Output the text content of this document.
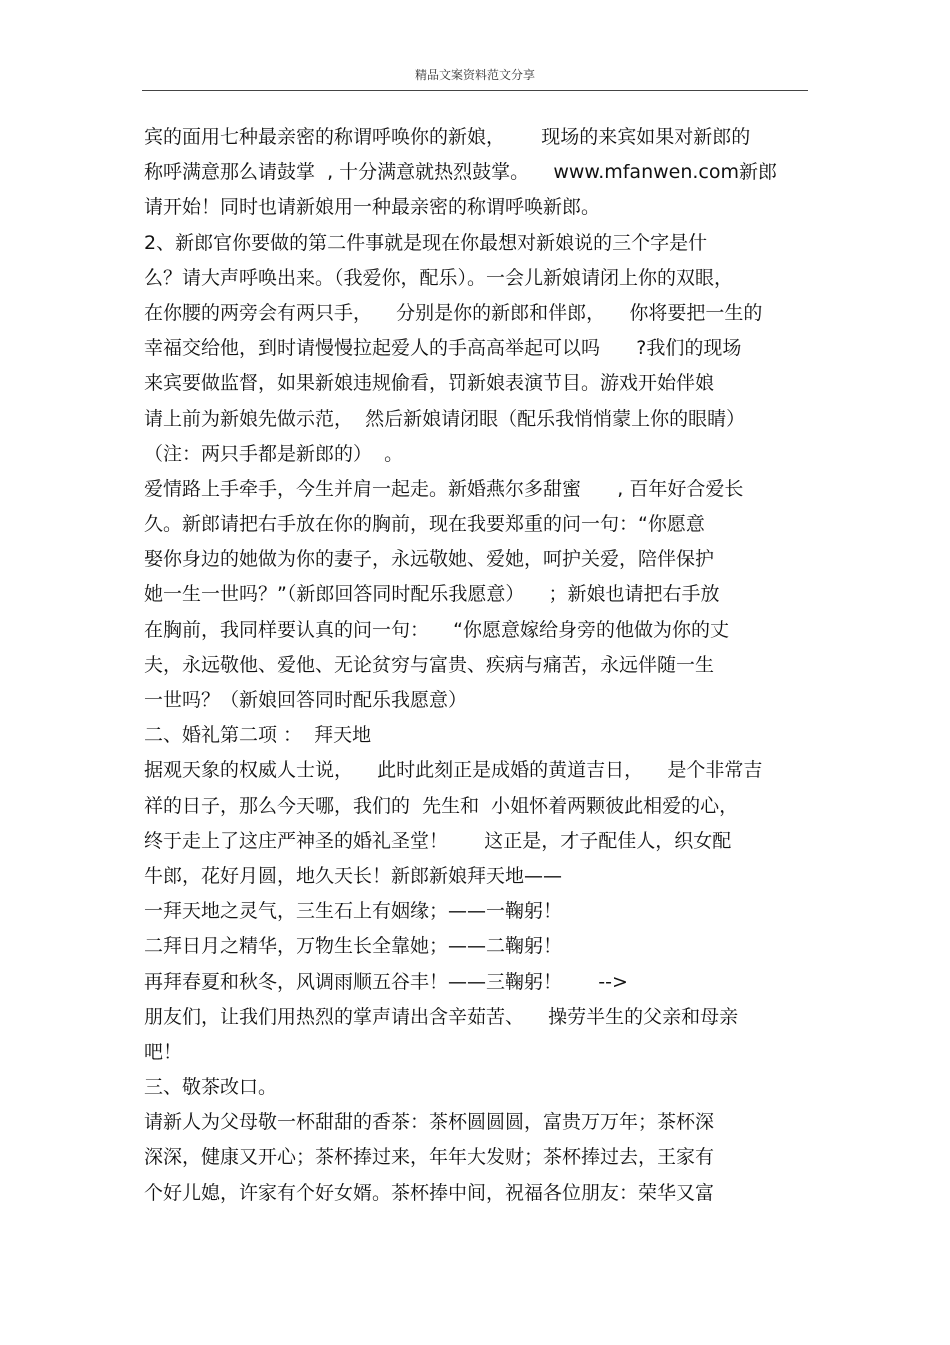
精品文案资料范文分享
宾的面用七种最亲密的称谓呼唤你的新娘，      现场的来宾如果对新郎的
称呼满意那么请鼓掌  , 十分满意就热烈鼓掌。    www.mfanwen.com新郎
请开始！同时也请新娘用一种最亲密的称谓呼唤新郎。
2、新郎官你要做的第二件事就是现在你最想对新娘说的三个字是什
么？请大声呼唤出来。（我爱你，配乐）。一会儿新娘请闭上你的双眼，
在你腰的两旁会有两只手，    分别是你的新郎和伴郎，    你将要把一生的
幸福交给他，到时请慢慢拉起爱人的手高高举起可以吗      ?我们的现场
来宾要做监督，如果新娘违规偷看，罚新娘表演节目。游戏开始伴娘
请上前为新娘先做示范，  然后新娘请闭眼（配乐我悄悄蒙上你的眼睛）
（注：两只手都是新郎的）  。
爱情路上手牵手，今生并肩一起走。新婚燕尔多甜蜜      , 百年好合爱长
久。新郎请把右手放在你的胸前，现在我要郑重的问一句：“你愿意
娶你身边的她做为你的妻子，永远敬她、爱她，呵护关爱，陪伴保护
她一生一世吗？”（新郎回答同时配乐我愿意）    ；新娘也请把右手放
在胸前，我同样要认真的问一句：    “你愿意嫁给身旁的他做为你的丈
夫，永远敬他、爱他、无论贫穷与富贵、疾病与痛苦，永远伴随一生
一世吗？（新娘回答同时配乐我愿意）
二、婚礼第二项 ：  拜天地
据观天象的权威人士说，    此时此刻正是成婚的黄道吉日，    是个非常吉
祥的日子，那么今天哪，我们的  先生和  小姐怀着两颗彼此相爱的心，
终于走上了这庄严神圣的婚礼圣堂！      这正是，才子配佳人，织女配
牛郎，花好月圆，地久天长！新郎新娘拜天地——
一拜天地之灵气，三生石上有姻缘；——一鞠躬！
二拜日月之精华，万物生长全靠她；——二鞠躬！
再拜春夏和秋冬，风调雨顺五谷丰！——三鞠躬！      -->
朋友们，让我们用热烈的掌声请出含辛茹苦、    操劳半生的父亲和母亲
吧！
三、敬茶改口。
请新人为父母敬一杯甜甜的香茶：茶杯圆圆圆，富贵万万年；茶杯深
深深，健康又开心；茶杯捧过来，年年大发财；茶杯捧过去，王家有
个好儿媳，许家有个好女婿。茶杯捧中间，祝福各位朋友：荣华又富
